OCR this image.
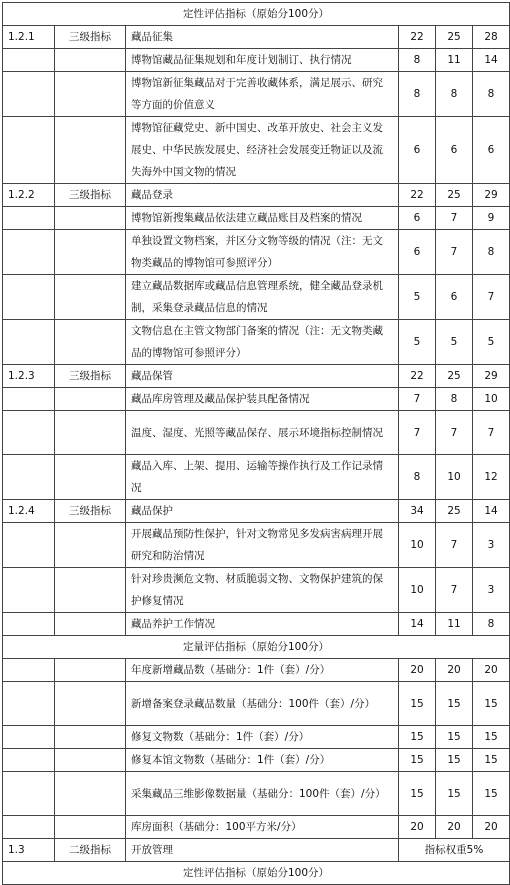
定性评估指标（原始分100分）					
1.2.1	三级指标	藏品征集	22	25	28
		博物馆藏品征集规划和年度计划制订、执行情况	8	11	14
		博物馆新征集藏品对于完善收藏体系，满足展示、研究等方面的价值意义	8	8	8
		博物馆征藏党史、新中国史、改革开放史、社会主义发展史、中华民族发展史、经济社会发展变迁物证以及流失海外中国文物的情况	6	6	6
1.2.2	三级指标	藏品登录	22	25	29
		博物馆新搜集藏品依法建立藏品账目及档案的情况	6	7	9
		单独设置文物档案，并区分文物等级的情况（注：无文物类藏品的博物馆可参照评分）	6	7	8
		建立藏品数据库或藏品信息管理系统，健全藏品登录机制，采集登录藏品信息的情况	5	6	7
		文物信息在主管文物部门备案的情况（注：无文物类藏品的博物馆可参照评分）	5	5	5
1.2.3	三级指标	藏品保管	22	25	29
		藏品库房管理及藏品保护装具配备情况	7	8	10
		温度、湿度、光照等藏品保存、展示环境指标控制情况	7	7	7
		藏品入库、上架、提用、运输等操作执行及工作记录情况	8	10	12
1.2.4	三级指标	藏品保护	34	25	14
		开展藏品预防性保护，针对文物常见多发病害病理开展研究和防治情况	10	7	3
		针对珍贵濒危文物、材质脆弱文物、文物保护建筑的保护修复情况	10	7	3
		藏品养护工作情况	14	11	8
定量评估指标（原始分100分）					
		年度新增藏品数（基础分：1件（套）/分）	20	20	20
		新增备案登录藏品数量（基础分：100件（套）/分）	15	15	15
		修复文物数（基础分：1件（套）/分）	15	15	15
		修复本馆文物数（基础分：1件（套）/分）	15	15	15
		采集藏品三维影像数据量（基础分：100件（套）/分）	15	15	15
		库房面积（基础分：100平方米/分）	20	20	20
1.3	二级指标	开放管理	指标权重5%		
定性评估指标（原始分100分）					
